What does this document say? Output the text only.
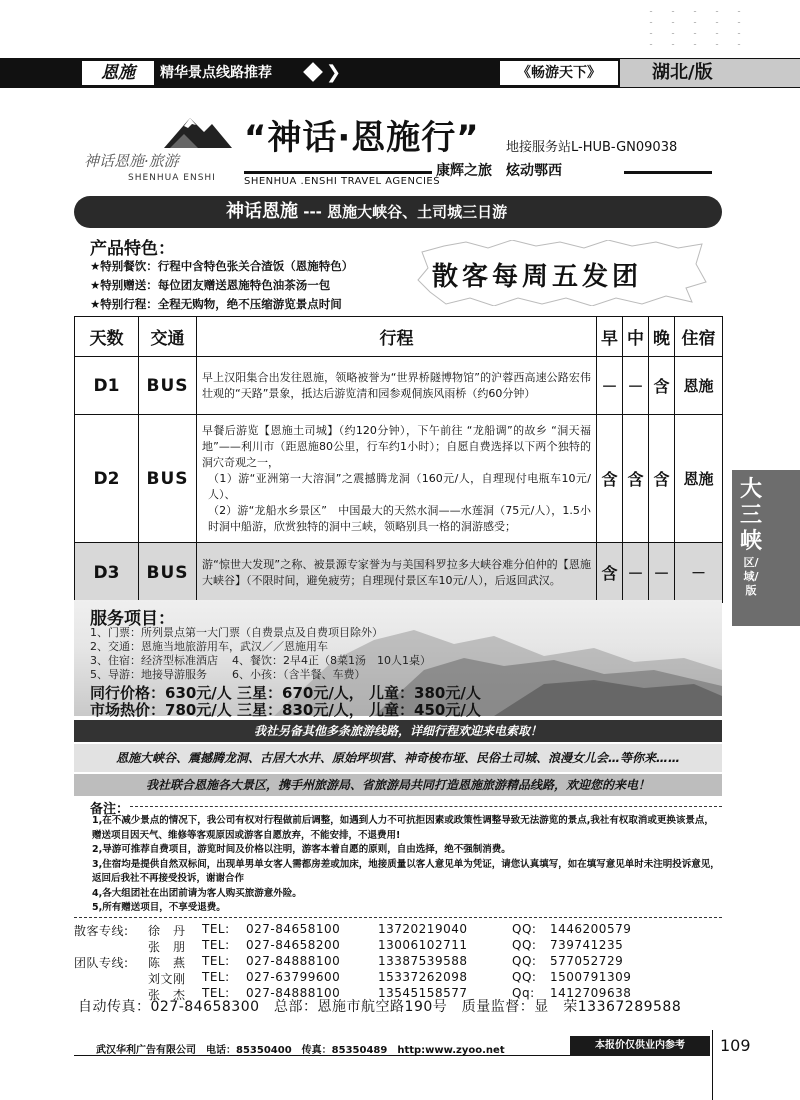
恩施	精华景点线路推荐	❯	《畅游天下》	湖北/版
神话恩施·旅游
SHENHUA ENSHI
“神话·恩施行” 地接服务站L-HUB-GN09038
康辉之旅　炫动鄂西
SHENHUA .ENSHI TRAVEL AGENCIES
神话恩施 --- 恩施大峡谷、土司城三日游
产品特色：
★特别餐饮：行程中含特色张关合渣饭（恩施特色）
★特别赠送：每位团友赠送恩施特色油茶汤一包
★特别行程：全程无购物，绝不压缩游览景点时间
散客每周五发团
天数	交通	行程	早	中	晚	住宿
D1	BUS	早上汉阳集合出发往恩施，领略被誉为“世界桥隧博物馆”的沪蓉西高速公路宏伟壮观的“天路”景象，抵达后游览清和园参观侗族风雨桥（约60分钟）	－	－	含	恩施
D2	BUS	早餐后游览【恩施土司城】（约120分钟），下午前往 “龙船调”的故乡 “洞天福地”——利川市（距恩施80公里，行车约1小时）；自愿自费选择以下两个独特的洞穴奇观之一，
（1）游“亚洲第一大溶洞”之震撼腾龙洞（160元/人，自理现付电瓶车10元/人）、
（2）游“龙船水乡景区”　中国最大的天然水洞——水莲洞（75元/人），1.5小时洞中船游，欣赏独特的洞中三峡，领略别具一格的洞游感受；	含	含	含	恩施
D3	BUS	游“惊世大发现”之称、被景源专家誉为与美国科罗拉多大峡谷难分伯仲的【恩施大峡谷】（不限时间，避免疲劳；自理现付景区车10元/人），后返回武汉。	含	－	－	－
服务项目：
1、门票：所列景点第一大门票（自费景点及自费项目除外）
2、交通：恩施当地旅游用车，武汉／／恩施用车
3、住宿：经济型标准酒店 4、餐饮：2早4正（8菜1汤　10人1桌）
5、导游：地接导游服务 6、小孩：（含半餐、车费）
同行价格：630元/人 三星：670元/人， 儿童：380元/人
市场热价：780元/人 三星：830元/人， 儿童：450元/人
我社另备其他多条旅游线路，详细行程欢迎来电索取！
恩施大峡谷、震撼腾龙洞、古居大水井、原始坪坝营、神奇梭布垭、民俗土司城、浪漫女儿会…等你来……
我社联合恩施各大景区，携手州旅游局、省旅游局共同打造恩施旅游精品线路，欢迎您的来电！
备注：
1,在不减少景点的情况下，我公司有权对行程做前后调整，如遇到人力不可抗拒因素或政策性调整导致无法游览的景点,我社有权取消或更换该景点，赠送项目因天气、维修等客观原因或游客自愿放弃，不能安排，不退费用!
2,导游可推荐自费项目，游览时间及价格以注明，游客本着自愿的原则，自由选择，绝不强制消费。
3,住宿均是提供自然双标间，出现单男单女客人需都房差或加床，地接质量以客人意见单为凭证，请您认真填写，如在填写意见单时未注明投诉意见，返回后我社不再接受投诉，谢谢合作
4,各大组团社在出团前请为客人购买旅游意外险。
5,所有赠送项目，不享受退费。
散客专线:	徐　丹	TEL:	027-84658100	13720219040	QQ:	1446200579
张　朋	TEL:	027-84658200	13006102711	QQ:	739741235
团队专线:	陈　燕	TEL:	027-84888100	13387539588	QQ:	577052729
刘文刚	TEL:	027-63799600	15337262098	QQ:	1500791309
张　杰	TEL:	027-84888100	13545158577	Qq:	1412709638
自动传真：027-84658300　总部：恩施市航空路190号　质量监督：显　荣13367289588
武汉华利广告有限公司　电话：85350400　传真：85350489　http:www.zyoo.net	本报价仅供业内参考	109
大三峡
区/域/版
